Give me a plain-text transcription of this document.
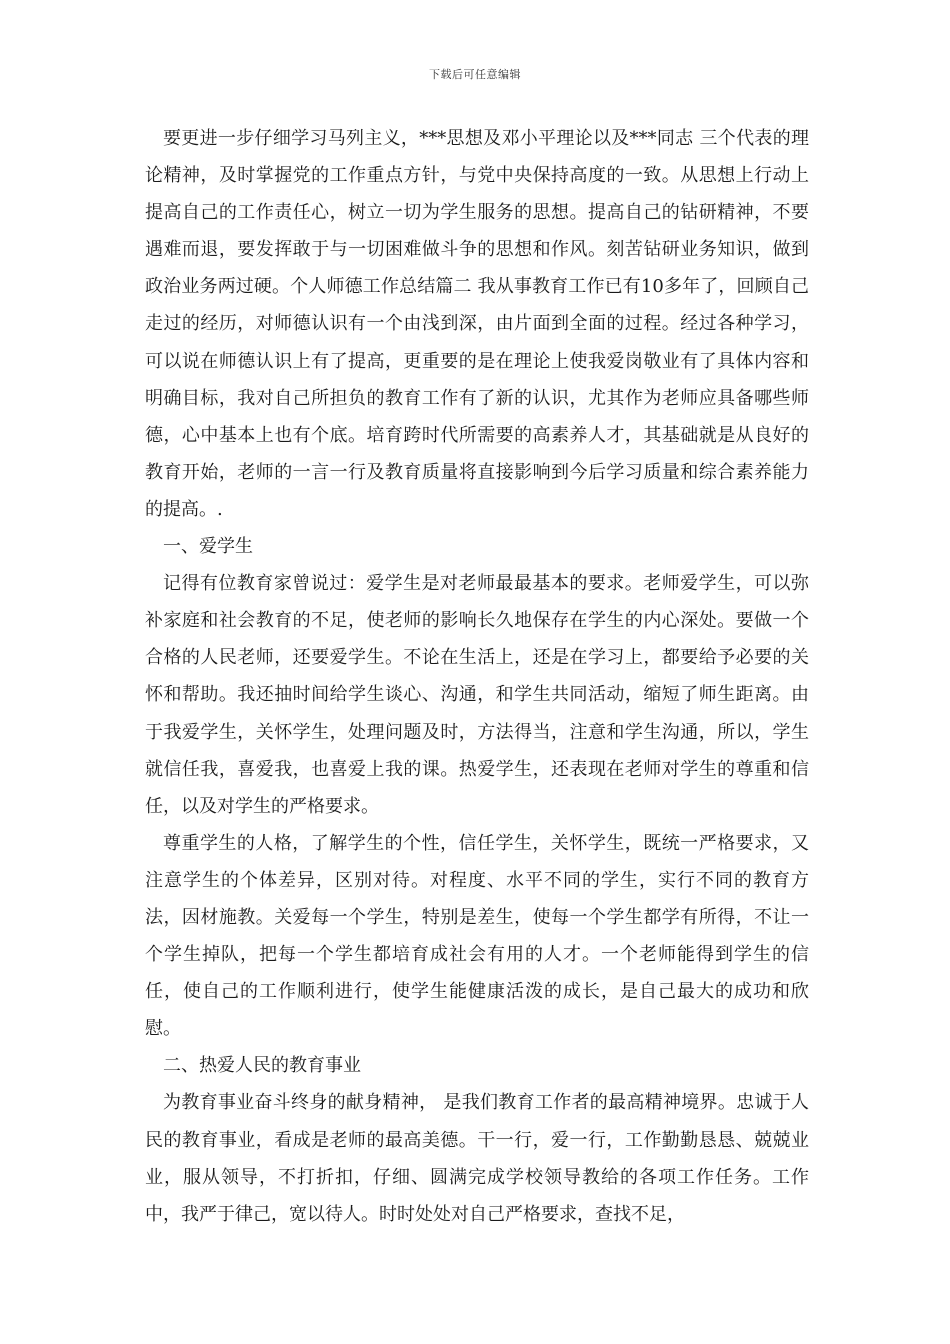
下载后可任意编辑

要更进一步仔细学习马列主义，***思想及邓小平理论以及***同志 三个代表的理论精神，及时掌握党的工作重点方针，与党中央保持高度的一致。从思想上行动上提高自己的工作责任心，树立一切为学生服务的思想。提高自己的钻研精神，不要遇难而退，要发挥敢于与一切困难做斗争的思想和作风。刻苦钻研业务知识，做到政治业务两过硬。个人师德工作总结篇二 我从事教育工作已有10多年了，回顾自己走过的经历，对师德认识有一个由浅到深，由片面到全面的过程。经过各种学习，可以说在师德认识上有了提高，更重要的是在理论上使我爱岗敬业有了具体内容和明确目标，我对自己所担负的教育工作有了新的认识，尤其作为老师应具备哪些师德，心中基本上也有个底。培育跨时代所需要的高素养人才，其基础就是从良好的教育开始，老师的一言一行及教育质量将直接影响到今后学习质量和综合素养能力的提高。.

一、爱学生

记得有位教育家曾说过：爱学生是对老师最最基本的要求。老师爱学生，可以弥补家庭和社会教育的不足，使老师的影响长久地保存在学生的内心深处。要做一个合格的人民老师，还要爱学生。不论在生活上，还是在学习上，都要给予必要的关怀和帮助。我还抽时间给学生谈心、沟通，和学生共同活动，缩短了师生距离。由于我爱学生，关怀学生，处理问题及时，方法得当，注意和学生沟通，所以，学生就信任我，喜爱我，也喜爱上我的课。热爱学生，还表现在老师对学生的尊重和信任，以及对学生的严格要求。

尊重学生的人格，了解学生的个性，信任学生，关怀学生，既统一严格要求，又注意学生的个体差异，区别对待。对程度、水平不同的学生，实行不同的教育方法，因材施教。关爱每一个学生，特别是差生，使每一个学生都学有所得，不让一个学生掉队，把每一个学生都培育成社会有用的人才。一个老师能得到学生的信任，使自己的工作顺利进行，使学生能健康活泼的成长，是自己最大的成功和欣慰。

二、热爱人民的教育事业

为教育事业奋斗终身的献身精神， 是我们教育工作者的最高精神境界。忠诚于人民的教育事业，看成是老师的最高美德。干一行，爱一行，工作勤勤恳恳、兢兢业业，服从领导，不打折扣，仔细、圆满完成学校领导教给的各项工作任务。工作中，我严于律己，宽以待人。时时处处对自己严格要求，查找不足，
